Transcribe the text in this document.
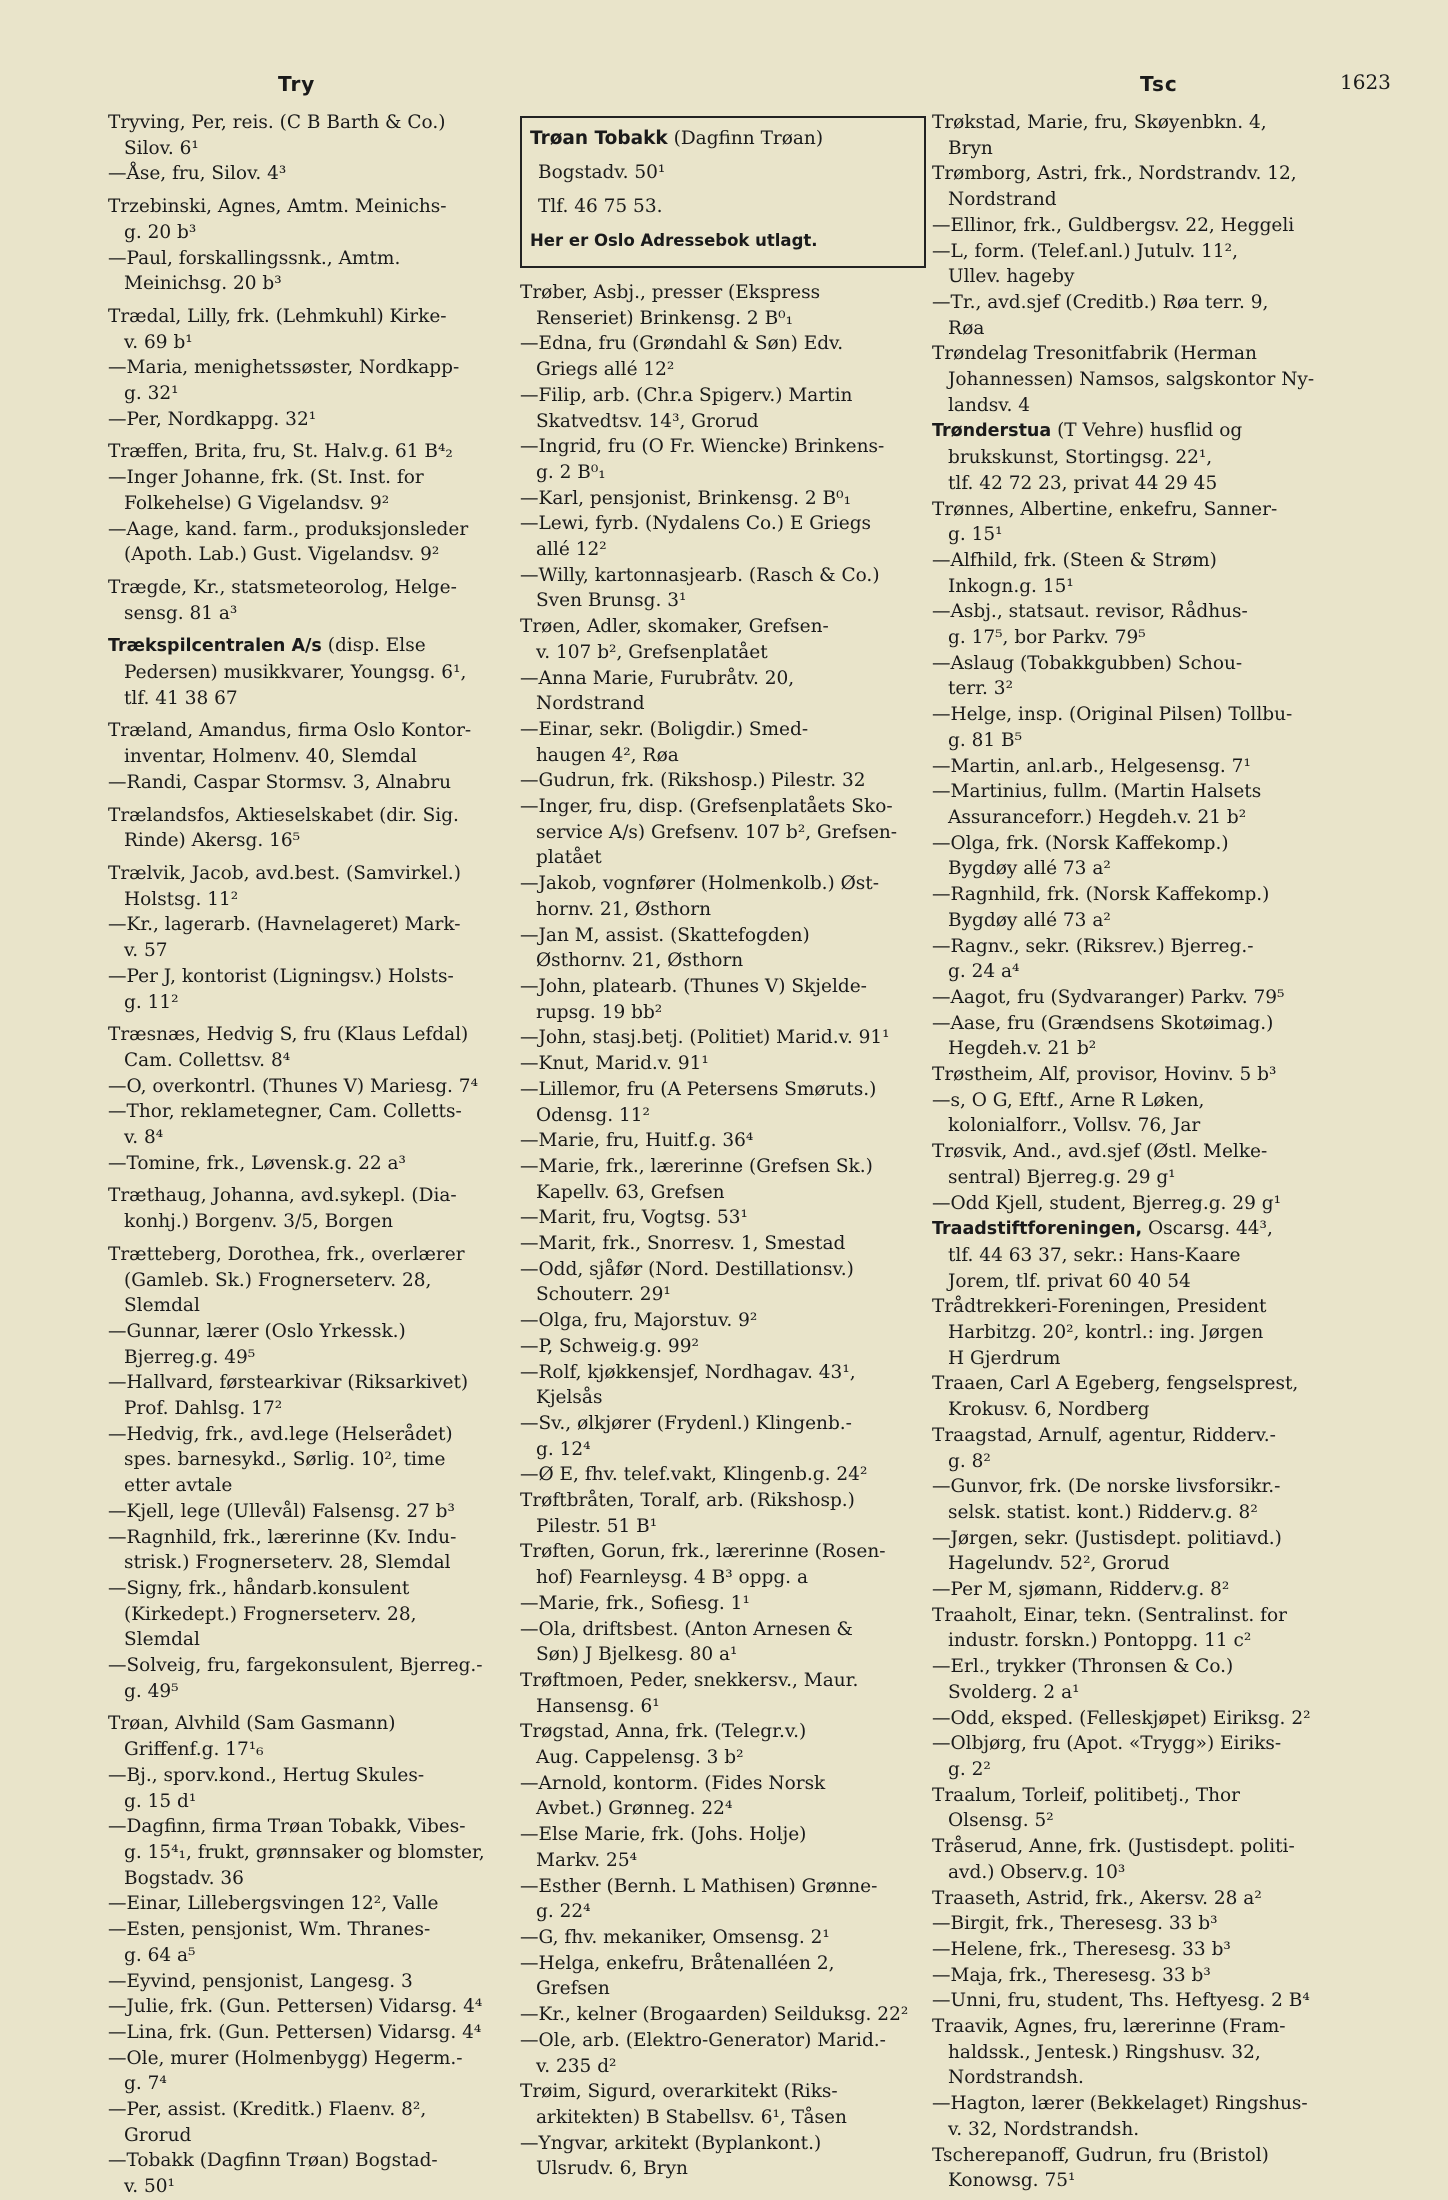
Try	Tsc	1623
Tryving, Per, reis. (C B Barth & Co.)
Silov. 6¹
—Åse, fru, Silov. 4³
Trzebinski, Agnes, Amtm. Meinichs-
g. 20 b³
—Paul, forskallingssnk., Amtm.
Meinichsg. 20 b³
Trædal, Lilly, frk. (Lehmkuhl) Kirke-
v. 69 b¹
—Maria, menighetssøster, Nordkapp-
g. 32¹
—Per, Nordkappg. 32¹
Træffen, Brita, fru, St. Halv.g. 61 B⁴₂
—Inger Johanne, frk. (St. Inst. for
Folkehelse) G Vigelandsv. 9²
—Aage, kand. farm., produksjonsleder
(Apoth. Lab.) Gust. Vigelandsv. 9²
Trægde, Kr., statsmeteorolog, Helge-
sensg. 81 a³
Trækspilcentralen A/s (disp. Else
Pedersen) musikkvarer, Youngsg. 6¹,
tlf. 41 38 67
Træland, Amandus, firma Oslo Kontor-
inventar, Holmenv. 40, Slemdal
—Randi, Caspar Stormsv. 3, Alnabru
Trælandsfos, Aktieselskabet (dir. Sig.
Rinde) Akersg. 16⁵
Trælvik, Jacob, avd.best. (Samvirkel.)
Holstsg. 11²
—Kr., lagerarb. (Havnelageret) Mark-
v. 57
—Per J, kontorist (Ligningsv.) Holsts-
g. 11²
Træsnæs, Hedvig S, fru (Klaus Lefdal)
Cam. Collettsv. 8⁴
—O, overkontrl. (Thunes V) Mariesg. 7⁴
—Thor, reklametegner, Cam. Colletts-
v. 8⁴
—Tomine, frk., Løvensk.g. 22 a³
Træthaug, Johanna, avd.sykepl. (Dia-
konhj.) Borgenv. 3/5, Borgen
Trætteberg, Dorothea, frk., overlærer
(Gamleb. Sk.) Frognerseterv. 28,
Slemdal
—Gunnar, lærer (Oslo Yrkessk.)
Bjerreg.g. 49⁵
—Hallvard, førstearkivar (Riksarkivet)
Prof. Dahlsg. 17²
—Hedvig, frk., avd.lege (Helserådet)
spes. barnesykd., Sørlig. 10², time
etter avtale
—Kjell, lege (Ullevål) Falsensg. 27 b³
—Ragnhild, frk., lærerinne (Kv. Indu-
strisk.) Frognerseterv. 28, Slemdal
—Signy, frk., håndarb.konsulent
(Kirkedept.) Frognerseterv. 28,
Slemdal
—Solveig, fru, fargekonsulent, Bjerreg.-
g. 49⁵
Trøan, Alvhild (Sam Gasmann)
Griffenf.g. 17¹₆
—Bj., sporv.kond., Hertug Skules-
g. 15 d¹
—Dagfinn, firma Trøan Tobakk, Vibes-
g. 15⁴₁, frukt, grønnsaker og blomster,
Bogstadv. 36
—Einar, Lillebergsvingen 12², Valle
—Esten, pensjonist, Wm. Thranes-
g. 64 a⁵
—Eyvind, pensjonist, Langesg. 3
—Julie, frk. (Gun. Pettersen) Vidarsg. 4⁴
—Lina, frk. (Gun. Pettersen) Vidarsg. 4⁴
—Ole, murer (Holmenbygg) Hegerm.-
g. 7⁴
—Per, assist. (Kreditk.) Flaenv. 8²,
Grorud
—Tobakk (Dagfinn Trøan) Bogstad-
v. 50¹
Trøan Tobakk (Dagfinn Trøan)
Bogstadv. 50¹
Tlf. 46 75 53.
Her er Oslo Adressebok utlagt.
Trøber, Asbj., presser (Ekspress
Renseriet) Brinkensg. 2 B⁰₁
—Edna, fru (Grøndahl & Søn) Edv.
Griegs allé 12²
—Filip, arb. (Chr.a Spigerv.) Martin
Skatvedtsv. 14³, Grorud
—Ingrid, fru (O Fr. Wiencke) Brinkens-
g. 2 B⁰₁
—Karl, pensjonist, Brinkensg. 2 B⁰₁
—Lewi, fyrb. (Nydalens Co.) E Griegs
allé 12²
—Willy, kartonnasjearb. (Rasch & Co.)
Sven Brunsg. 3¹
Trøen, Adler, skomaker, Grefsen-
v. 107 b², Grefsenplatået
—Anna Marie, Furubråtv. 20,
Nordstrand
—Einar, sekr. (Boligdir.) Smed-
haugen 4², Røa
—Gudrun, frk. (Rikshosp.) Pilestr. 32
—Inger, fru, disp. (Grefsenplatåets Sko-
service A/s) Grefsenv. 107 b², Grefsen-
platået
—Jakob, vognfører (Holmenkolb.) Øst-
hornv. 21, Østhorn
—Jan M, assist. (Skattefogden)
Østhornv. 21, Østhorn
—John, platearb. (Thunes V) Skjelde-
rupsg. 19 bb²
—John, stasj.betj. (Politiet) Marid.v. 91¹
—Knut, Marid.v. 91¹
—Lillemor, fru (A Petersens Smøruts.)
Odensg. 11²
—Marie, fru, Huitf.g. 36⁴
—Marie, frk., lærerinne (Grefsen Sk.)
Kapellv. 63, Grefsen
—Marit, fru, Vogtsg. 53¹
—Marit, frk., Snorresv. 1, Smestad
—Odd, sjåfør (Nord. Destillationsv.)
Schouterr. 29¹
—Olga, fru, Majorstuv. 9²
—P, Schweig.g. 99²
—Rolf, kjøkkensjef, Nordhagav. 43¹,
Kjelsås
—Sv., ølkjører (Frydenl.) Klingenb.-
g. 12⁴
—Ø E, fhv. telef.vakt, Klingenb.g. 24²
Trøftbråten, Toralf, arb. (Rikshosp.)
Pilestr. 51 B¹
Trøften, Gorun, frk., lærerinne (Rosen-
hof) Fearnleysg. 4 B³ oppg. a
—Marie, frk., Sofiesg. 1¹
—Ola, driftsbest. (Anton Arnesen &
Søn) J Bjelkesg. 80 a¹
Trøftmoen, Peder, snekkersv., Maur.
Hansensg. 6¹
Trøgstad, Anna, frk. (Telegr.v.)
Aug. Cappelensg. 3 b²
—Arnold, kontorm. (Fides Norsk
Avbet.) Grønneg. 22⁴
—Else Marie, frk. (Johs. Holje)
Markv. 25⁴
—Esther (Bernh. L Mathisen) Grønne-
g. 22⁴
—G, fhv. mekaniker, Omsensg. 2¹
—Helga, enkefru, Bråtenalléen 2,
Grefsen
—Kr., kelner (Brogaarden) Seilduksg. 22²
—Ole, arb. (Elektro-Generator) Marid.-
v. 235 d²
Trøim, Sigurd, overarkitekt (Riks-
arkitekten) B Stabellsv. 6¹, Tåsen
—Yngvar, arkitekt (Byplankont.)
Ulsrudv. 6, Bryn
Trøkstad, Marie, fru, Skøyenbkn. 4,
Bryn
Trømborg, Astri, frk., Nordstrandv. 12,
Nordstrand
—Ellinor, frk., Guldbergsv. 22, Heggeli
—L, form. (Telef.anl.) Jutulv. 11²,
Ullev. hageby
—Tr., avd.sjef (Creditb.) Røa terr. 9,
Røa
Trøndelag Tresonitfabrik (Herman
Johannessen) Namsos, salgskontor Ny-
landsv. 4
Trønderstua (T Vehre) husflid og
brukskunst, Stortingsg. 22¹,
tlf. 42 72 23, privat 44 29 45
Trønnes, Albertine, enkefru, Sanner-
g. 15¹
—Alfhild, frk. (Steen & Strøm)
Inkogn.g. 15¹
—Asbj., statsaut. revisor, Rådhus-
g. 17⁵, bor Parkv. 79⁵
—Aslaug (Tobakkgubben) Schou-
terr. 3²
—Helge, insp. (Original Pilsen) Tollbu-
g. 81 B⁵
—Martin, anl.arb., Helgesensg. 7¹
—Martinius, fullm. (Martin Halsets
Assuranceforr.) Hegdeh.v. 21 b²
—Olga, frk. (Norsk Kaffekomp.)
Bygdøy allé 73 a²
—Ragnhild, frk. (Norsk Kaffekomp.)
Bygdøy allé 73 a²
—Ragnv., sekr. (Riksrev.) Bjerreg.-
g. 24 a⁴
—Aagot, fru (Sydvaranger) Parkv. 79⁵
—Aase, fru (Grændsens Skotøimag.)
Hegdeh.v. 21 b²
Trøstheim, Alf, provisor, Hovinv. 5 b³
—s, O G, Eftf., Arne R Løken,
kolonialforr., Vollsv. 76, Jar
Trøsvik, And., avd.sjef (Østl. Melke-
sentral) Bjerreg.g. 29 g¹
—Odd Kjell, student, Bjerreg.g. 29 g¹
Traadstiftforeningen, Oscarsg. 44³,
tlf. 44 63 37, sekr.: Hans-Kaare
Jorem, tlf. privat 60 40 54
Trådtrekkeri-Foreningen, President
Harbitzg. 20², kontrl.: ing. Jørgen
H Gjerdrum
Traaen, Carl A Egeberg, fengselsprest,
Krokusv. 6, Nordberg
Traagstad, Arnulf, agentur, Ridderv.-
g. 8²
—Gunvor, frk. (De norske livsforsikr.-
selsk. statist. kont.) Ridderv.g. 8²
—Jørgen, sekr. (Justisdept. politiavd.)
Hagelundv. 52², Grorud
—Per M, sjømann, Ridderv.g. 8²
Traaholt, Einar, tekn. (Sentralinst. for
industr. forskn.) Pontoppg. 11 c²
—Erl., trykker (Thronsen & Co.)
Svolderg. 2 a¹
—Odd, eksped. (Felleskjøpet) Eiriksg. 2²
—Olbjørg, fru (Apot. «Trygg») Eiriks-
g. 2²
Traalum, Torleif, politibetj., Thor
Olsensg. 5²
Tråserud, Anne, frk. (Justisdept. politi-
avd.) Observ.g. 10³
Traaseth, Astrid, frk., Akersv. 28 a²
—Birgit, frk., Theresesg. 33 b³
—Helene, frk., Theresesg. 33 b³
—Maja, frk., Theresesg. 33 b³
—Unni, fru, student, Ths. Heftyesg. 2 B⁴
Traavik, Agnes, fru, lærerinne (Fram-
haldssk., Jentesk.) Ringshusv. 32,
Nordstrandsh.
—Hagton, lærer (Bekkelaget) Ringshus-
v. 32, Nordstrandsh.
Tscherepanoff, Gudrun, fru (Bristol)
Konowsg. 75¹
